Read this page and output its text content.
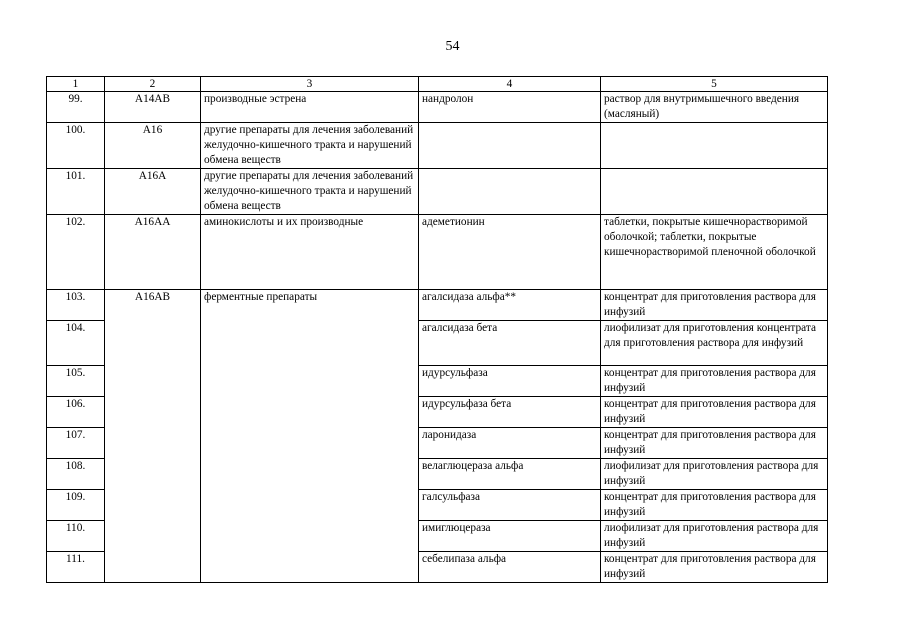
54
1	2	3	4	5
99.	А14АВ	производные эстрена	нандролон	раствор для внутримышечного введения (масляный)
100.	А16	другие препараты для лечения заболеваний желудочно-кишечного тракта и нарушений обмена веществ		
101.	А16А	другие препараты для лечения заболеваний желудочно-кишечного тракта и нарушений обмена веществ		
102.	А16АА	аминокислоты и их производные	адеметионин	таблетки, покрытые кишечнорастворимой оболочкой; таблетки, покрытые кишечнорастворимой пленочной оболочкой
103.	А16АВ	ферментные препараты	агалсидаза альфа**	концентрат для приготовления раствора для инфузий
104.			агалсидаза бета	лиофилизат для приготовления концентрата для приготовления раствора для инфузий
105.			идурсульфаза	концентрат для приготовления раствора для инфузий
106.			идурсульфаза бета	концентрат для приготовления раствора для инфузий
107.			ларонидаза	концентрат для приготовления раствора для инфузий
108.			велаглюцераза альфа	лиофилизат для приготовления раствора для инфузий
109.			галсульфаза	концентрат для приготовления раствора для инфузий
110.			имиглюцераза	лиофилизат для приготовления раствора для инфузий
111.			себелипаза альфа	концентрат для приготовления раствора для инфузий
